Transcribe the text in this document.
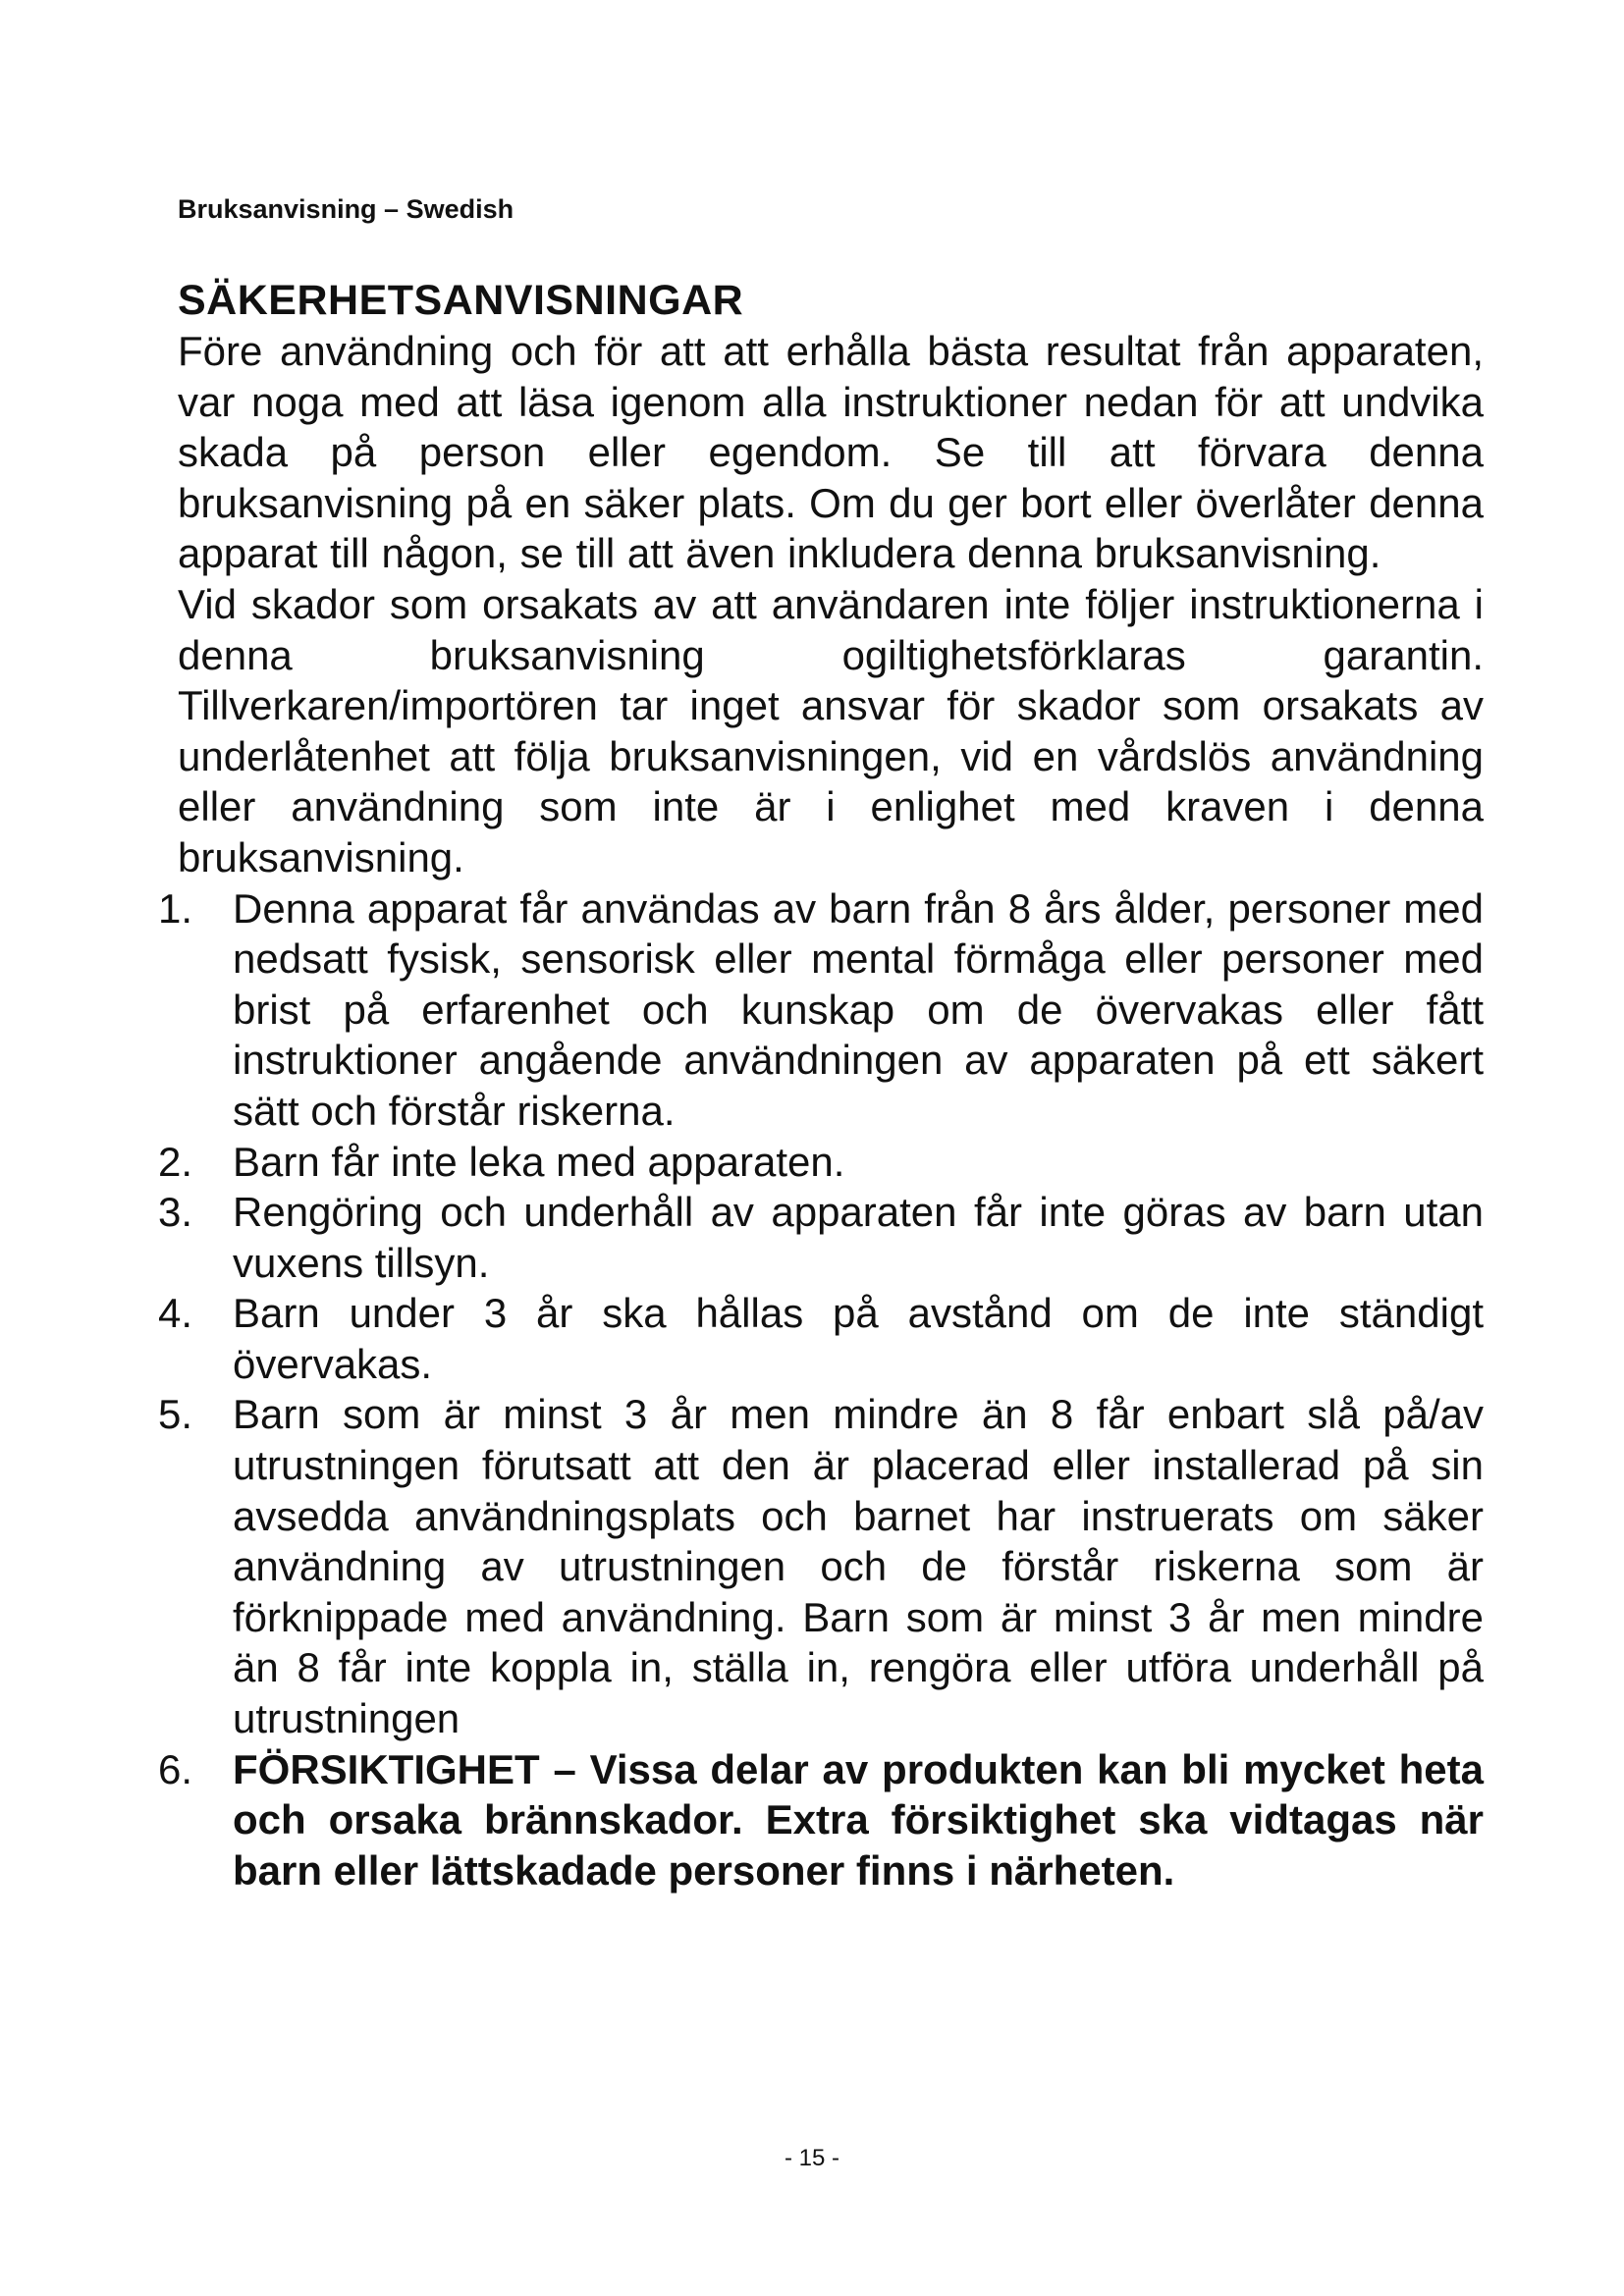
Bruksanvisning – Swedish
SÄKERHETSANVISNINGAR

Före användning och för att att erhålla bästa resultat från apparaten, var noga med att läsa igenom alla instruktioner nedan för att undvika skada på person eller egendom. Se till att förvara denna bruksanvisning på en säker plats. Om du ger bort eller överlåter denna apparat till någon, se till att även inkludera denna bruksanvisning.

Vid skador som orsakats av att användaren inte följer instruktionerna i denna bruksanvisning ogiltighetsförklaras garantin. Tillverkaren/importören tar inget ansvar för skador som orsakats av underlåtenhet att följa bruksanvisningen, vid en vårdslös användning eller användning som inte är i enlighet med kraven i denna bruksanvisning.

1. Denna apparat får användas av barn från 8 års ålder, personer med nedsatt fysisk, sensorisk eller mental förmåga eller personer med brist på erfarenhet och kunskap om de övervakas eller fått instruktioner angående användningen av apparaten på ett säkert sätt och förstår riskerna.
2. Barn får inte leka med apparaten.
3. Rengöring och underhåll av apparaten får inte göras av barn utan vuxens tillsyn.
4. Barn under 3 år ska hållas på avstånd om de inte ständigt övervakas.
5. Barn som är minst 3 år men mindre än 8 får enbart slå på/av utrustningen förutsatt att den är placerad eller installerad på sin avsedda användningsplats och barnet har instruerats om säker användning av utrustningen och de förstår riskerna som är förknippade med användning. Barn som är minst 3 år men mindre än 8 får inte koppla in, ställa in, rengöra eller utföra underhåll på utrustningen
6. FÖRSIKTIGHET – Vissa delar av produkten kan bli mycket heta och orsaka brännskador. Extra försiktighet ska vidtagas när barn eller lättskadade personer finns i närheten.
- 15 -
